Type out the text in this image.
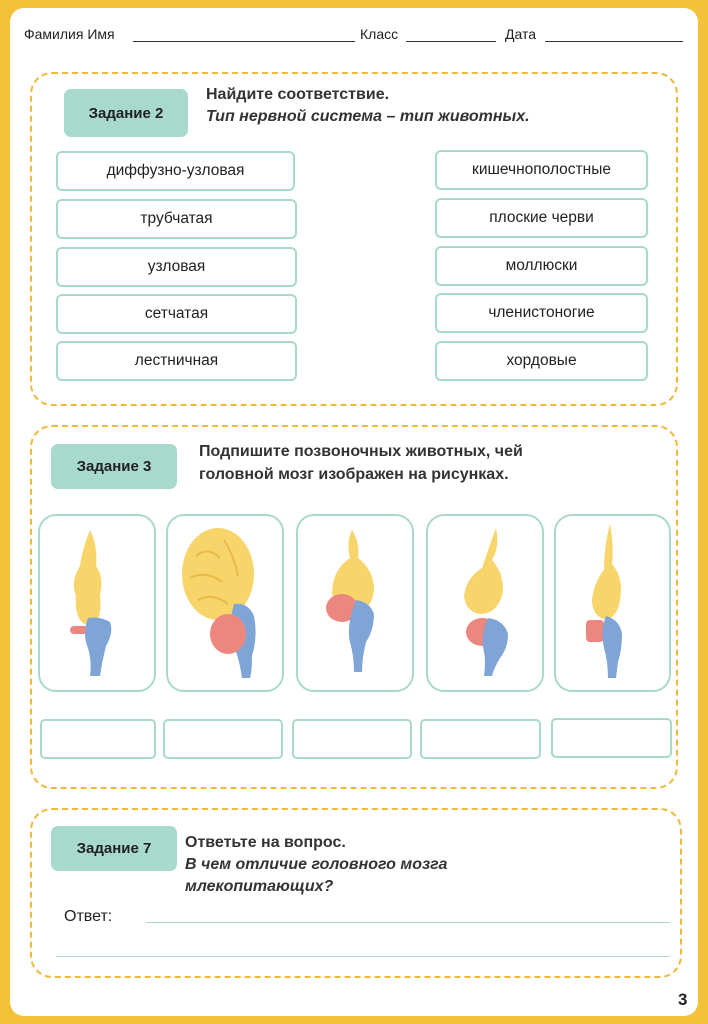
Фамилия Имя	Класс	Дата
Задание 2
Найдите соответствие.
Тип нервной система – тип животных.
диффузно-узловая
трубчатая
узловая
сетчатая
лестничная
кишечнополостные
плоские черви
моллюски
членистоногие
хордовые
Задание 3
Подпишите позвоночных животных, чей
головной мозг изображен на рисунках.
Задание 7	Ответьте на вопрос.
В чем отличие головного мозга
млекопитающих?
Ответ:
3
